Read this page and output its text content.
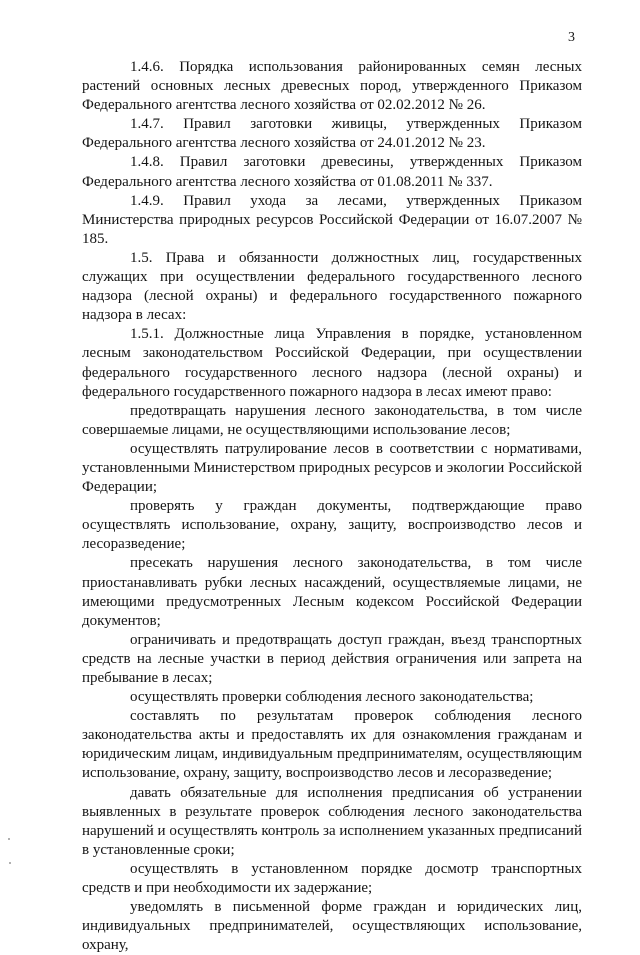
3

1.4.6. Порядка использования районированных семян лесных растений основных лесных древесных пород, утвержденного Приказом Федерального агентства лесного хозяйства от 02.02.2012 № 26.

1.4.7. Правил заготовки живицы, утвержденных Приказом Федерального агентства лесного хозяйства от 24.01.2012 № 23.

1.4.8. Правил заготовки древесины, утвержденных Приказом Федерального агентства лесного хозяйства от 01.08.2011 № 337.

1.4.9. Правил ухода за лесами, утвержденных Приказом Министерства природных ресурсов Российской Федерации от 16.07.2007 № 185.

1.5. Права и обязанности должностных лиц, государственных служащих при осуществлении федерального государственного лесного надзора (лесной охраны) и федерального государственного пожарного надзора в лесах:

1.5.1. Должностные лица Управления в порядке, установленном лесным законодательством Российской Федерации, при осуществлении федерального государственного лесного надзора (лесной охраны) и федерального государственного пожарного надзора в лесах имеют право:

предотвращать нарушения лесного законодательства, в том числе совершаемые лицами, не осуществляющими использование лесов;

осуществлять патрулирование лесов в соответствии с нормативами, установленными Министерством природных ресурсов и экологии Российской Федерации;

проверять у граждан документы, подтверждающие право осуществлять использование, охрану, защиту, воспроизводство лесов и лесоразведение;

пресекать нарушения лесного законодательства, в том числе приостанавливать рубки лесных насаждений, осуществляемые лицами, не имеющими предусмотренных Лесным кодексом Российской Федерации документов;

ограничивать и предотвращать доступ граждан, въезд транспортных средств на лесные участки в период действия ограничения или запрета на пребывание в лесах;

осуществлять проверки соблюдения лесного законодательства;

составлять по результатам проверок соблюдения лесного законодательства акты и предоставлять их для ознакомления гражданам и юридическим лицам, индивидуальным предпринимателям, осуществляющим использование, охрану, защиту, воспроизводство лесов и лесоразведение;

давать обязательные для исполнения предписания об устранении выявленных в результате проверок соблюдения лесного законодательства нарушений и осуществлять контроль за исполнением указанных предписаний в установленные сроки;

осуществлять в установленном порядке досмотр транспортных средств и при необходимости их задержание;

уведомлять в письменной форме граждан и юридических лиц, индивидуальных предпринимателей, осуществляющих использование, охрану,
